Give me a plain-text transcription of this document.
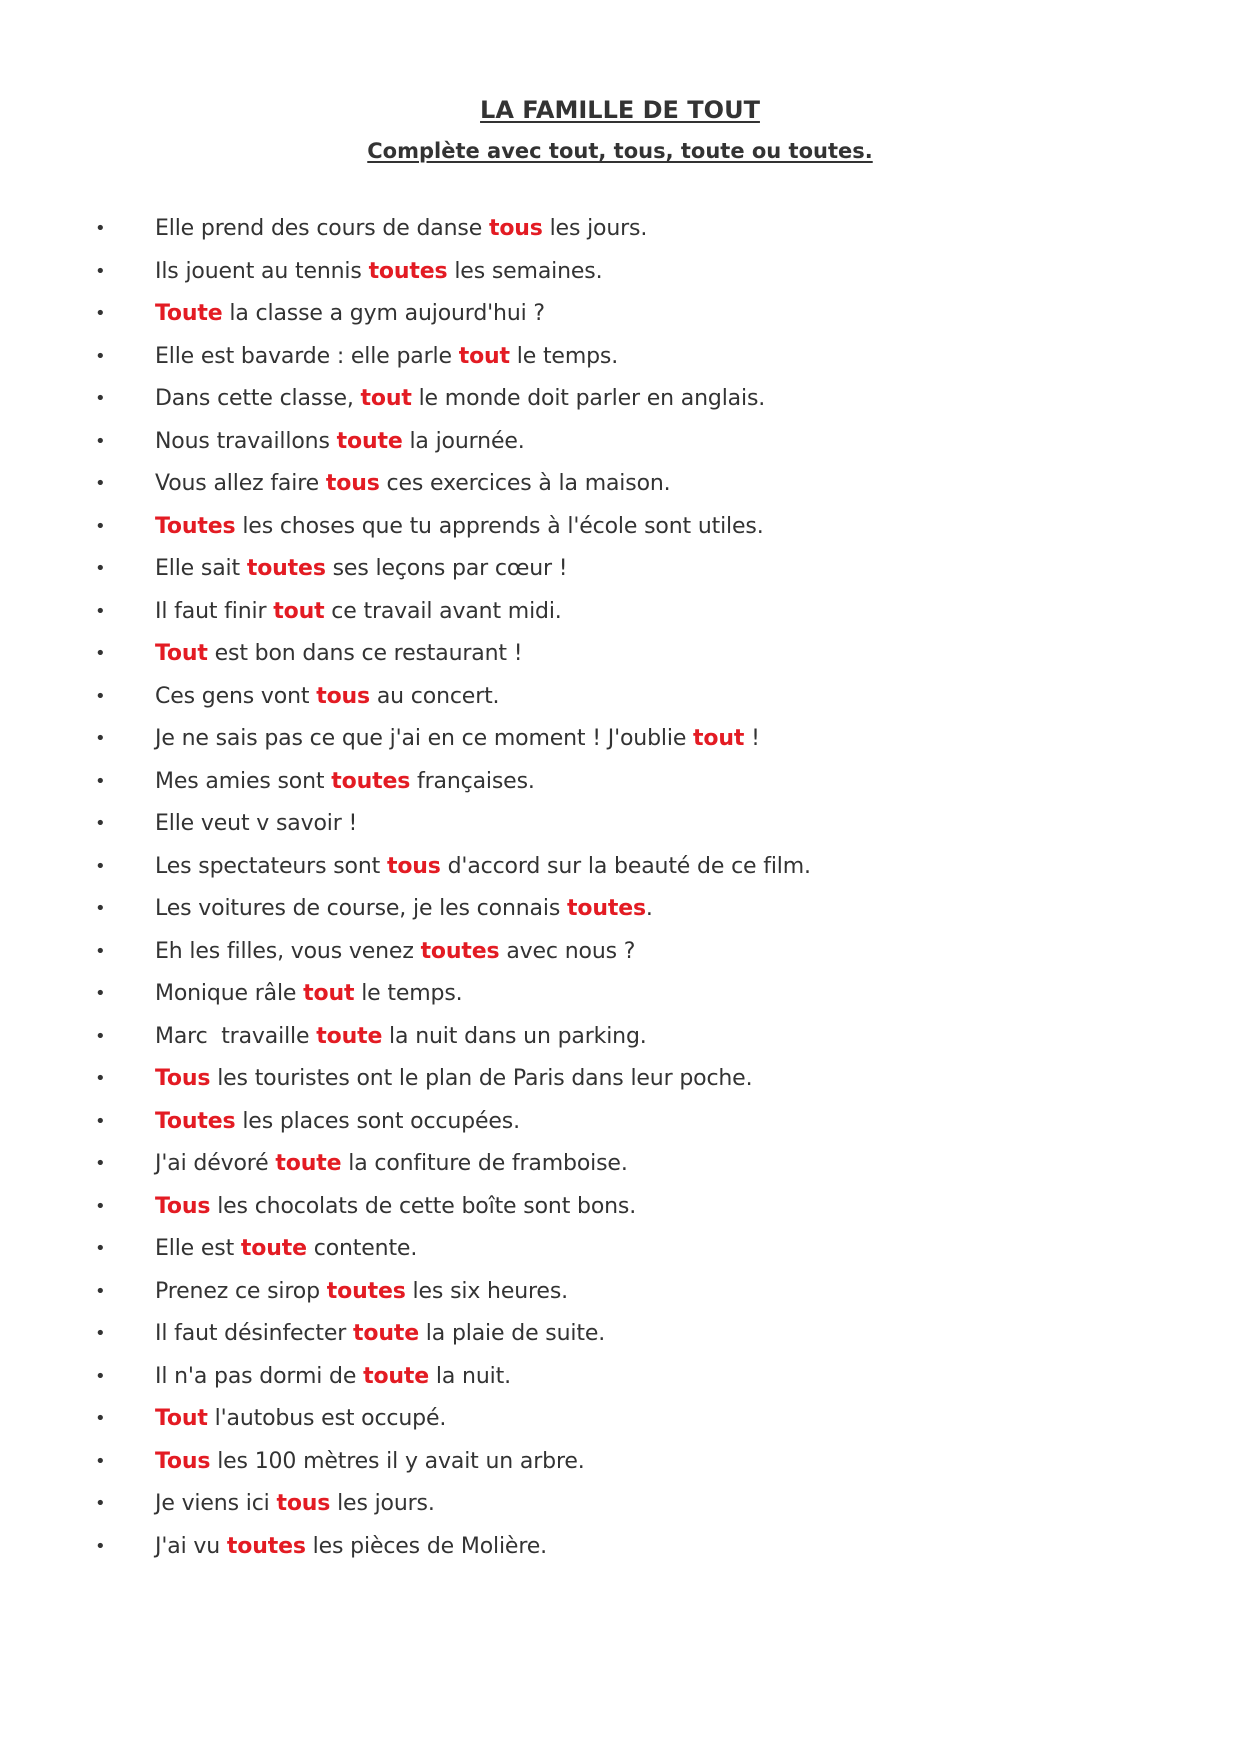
LA FAMILLE DE TOUT
Complète avec tout, tous, toute ou toutes.

•

Elle prend des cours de danse tous les jours.

•

Ils jouent au tennis toutes les semaines.

•

Toute la classe a gym aujourd'hui ?

•

Elle est bavarde : elle parle tout le temps.

•

Dans cette classe, tout le monde doit parler en anglais.

•

Nous travaillons toute la journée.

•

Vous allez faire tous ces exercices à la maison.

•

Toutes les choses que tu apprends à l'école sont utiles.

•

Elle sait toutes ses leçons par cœur !

•

Il faut finir tout ce travail avant midi.

•

Tout est bon dans ce restaurant !

•

Ces gens vont tous au concert.

•

Je ne sais pas ce que j'ai en ce moment ! J'oublie tout !

•

Mes amies sont toutes françaises.

•

Elle veut v savoir !

•

Les spectateurs sont tous d'accord sur la beauté de ce film.

•

Les voitures de course, je les connais toutes.

•

Eh les filles, vous venez toutes avec nous ?

•

Monique râle tout le temps.

•

Marc  travaille toute la nuit dans un parking.

•

Tous les touristes ont le plan de Paris dans leur poche.

•

Toutes les places sont occupées.

•

J'ai dévoré toute la confiture de framboise.

•

Tous les chocolats de cette boîte sont bons.

•

Elle est toute contente.

•

Prenez ce sirop toutes les six heures.

•

Il faut désinfecter toute la plaie de suite.

•

Il n'a pas dormi de toute la nuit.

•

Tout l'autobus est occupé.

•

Tous les 100 mètres il y avait un arbre.

•

Je viens ici tous les jours.

•

J'ai vu toutes les pièces de Molière.
